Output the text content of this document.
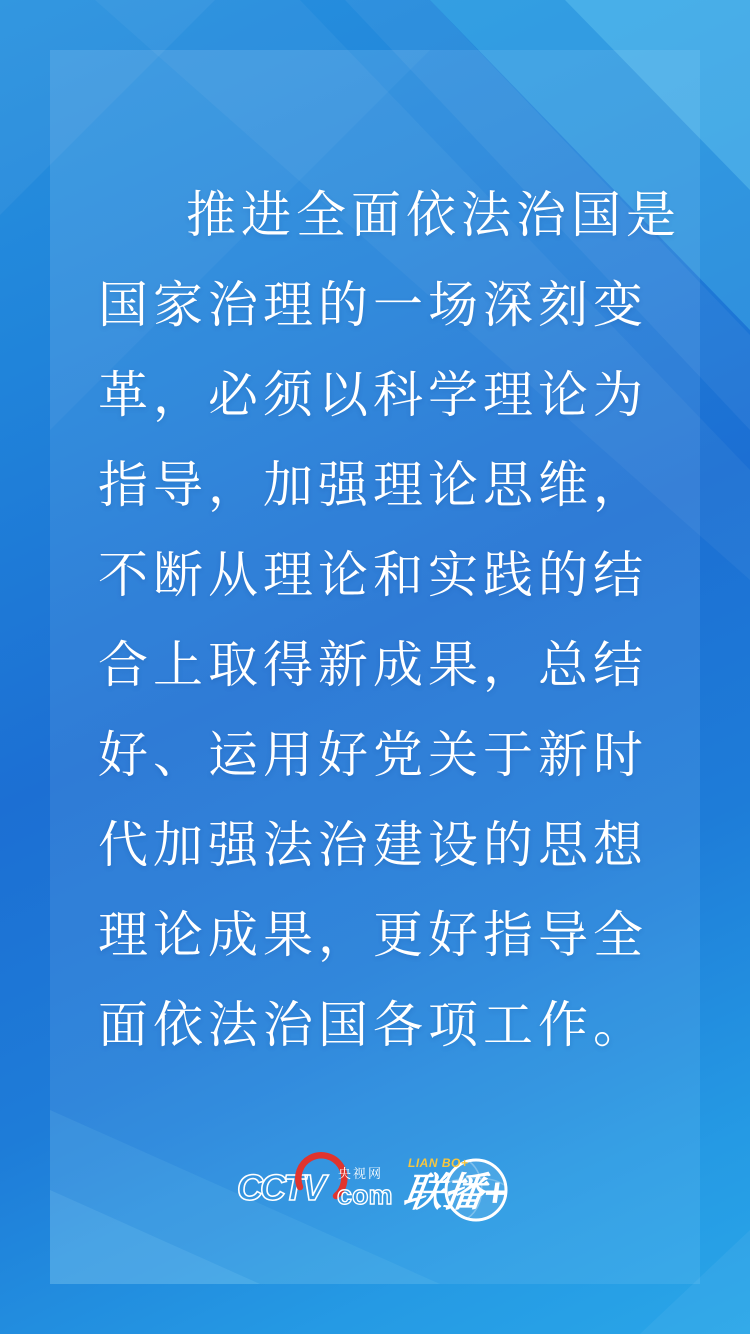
推进全面依法治国是
国家治理的一场深刻变
革，必须以科学理论为
指导，加强理论思维，
不断从理论和实践的结
合上取得新成果，总结
好、运用好党关于新时
代加强法治建设的思想
理论成果，更好指导全
面依法治国各项工作。
CCTV	央视网
com
LIAN BO+
联播+
